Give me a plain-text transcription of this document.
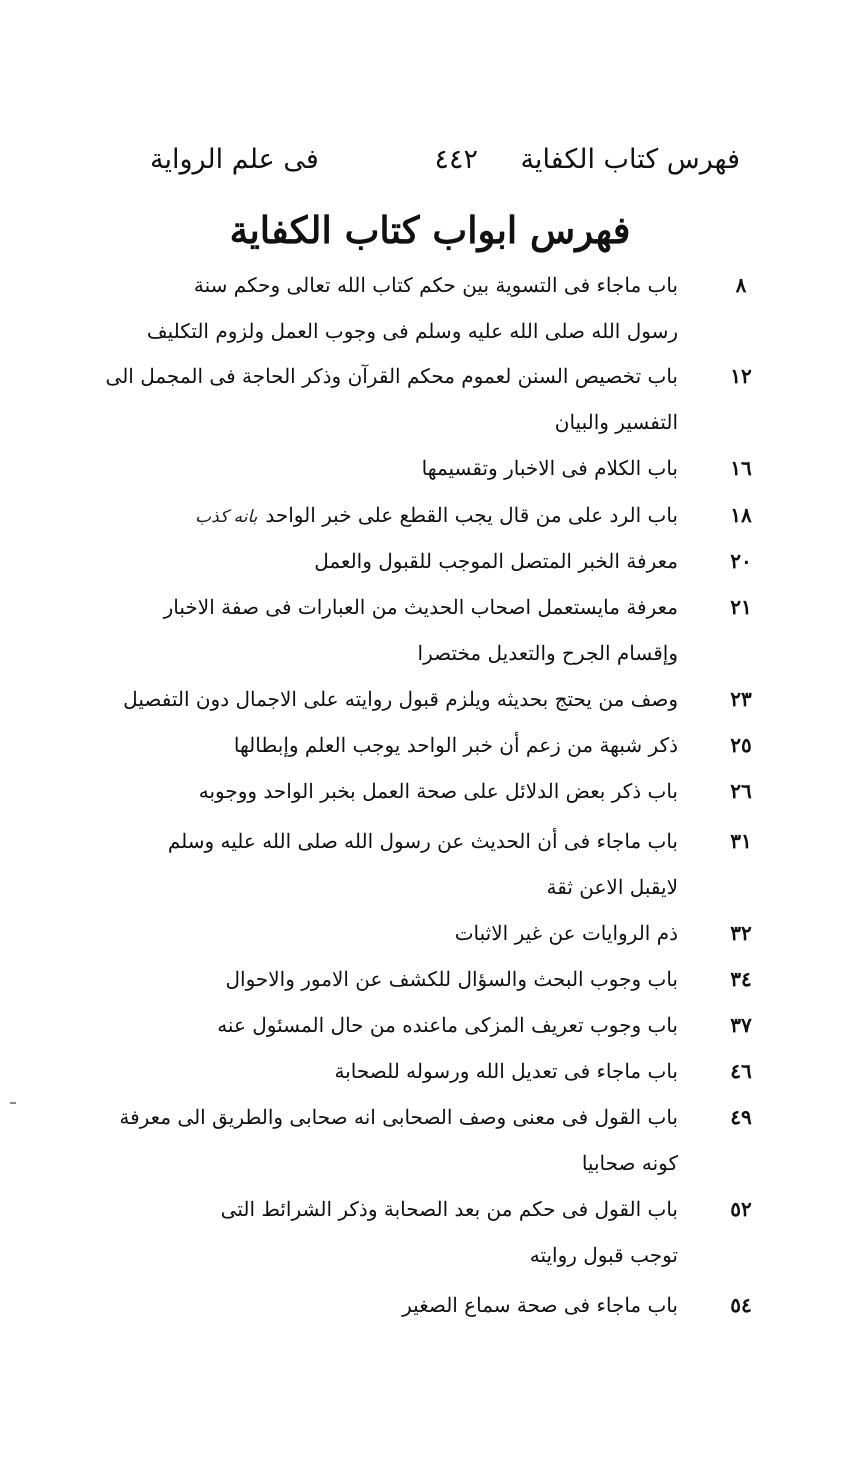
فهرس كتاب الكفاية
٤٤٢
فى علم الرواية
فهرس ابواب كتاب الكفاية
٨
باب ماجاء فى التسوية بين حكم كتاب الله تعالى وحكم سنة
رسول الله صلى الله عليه وسلم فى وجوب العمل ولزوم التكليف
١٢
باب تخصيص السنن لعموم محكم القرآن وذكر الحاجة فى المجمل الى
التفسير والبيان
١٦
باب الكلام فى الاخبار وتقسيمها
١٨
باب الرد على من قال يجب القطع على خبر الواحدبانه كذب
٢٠
معرفة الخبر المتصل الموجب للقبول والعمل
٢١
معرفة مايستعمل اصحاب الحديث من العبارات فى صفة الاخبار
وإقسام الجرح والتعديل مختصرا
٢٣
وصف من يحتج بحديثه ويلزم قبول روايته على الاجمال دون التفصيل
٢٥
ذكر شبهة من زعم أن خبر الواحد يوجب العلم وإبطالها
٢٦
باب ذكر بعض الدلائل على صحة العمل بخبر الواحد ووجوبه
٣١
باب ماجاء فى أن الحديث عن رسول الله صلى الله عليه وسلم
لايقبل الاعن ثقة
٣٢
ذم الروايات عن غير الاثبات
٣٤
باب وجوب البحث والسؤال للكشف عن الامور والاحوال
٣٧
باب وجوب تعريف المزكى ماعنده من حال المسئول عنه
٤٦
باب ماجاء فى تعديل الله ورسوله للصحابة
٤٩
باب القول فى معنى وصف الصحابى انه صحابى والطريق الى معرفة
كونه صحابيا
٥٢
باب القول فى حكم من بعد الصحابة وذكر الشرائط التى
توجب قبول روايته
٥٤
باب ماجاء فى صحة سماع الصغير
